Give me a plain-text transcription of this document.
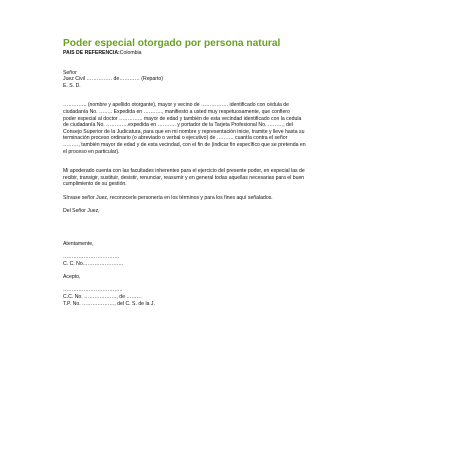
Poder especial otorgado por persona natural
PAIS DE REFERENCIA:Colombia
Señor
Juez Civil …………… de………… (Reparto)
E. S. D.
………….. (nombre y apellido otorgante), mayor y vecino de ……………. identificado con cédula de
ciudadanía No. …….. Expedida en ……….., manifiesto a usted muy respetuosamente, que confiero
poder especial al doctor ………….. mayor de edad y también de esta vecindad identificado con la cedula
de ciudadanía No. ………….expedida en ……….. y portador de la Tarjeta Profesional No. ………, del
Consejo Superior de la Judicatura, para que en mi nombre y representación inicie, tramite y lleve hasta su
terminación proceso ordinario (o abreviado o verbal o ejecutivo) de ………. cuantía contra el señor
………, también mayor de edad y de esta vecindad, con el fin de (indicar fin específico que se pretenda en
el proceso en particular).
Mi apoderado cuenta con las facultades inherentes para el ejercicio del presente poder, en especial las de
recibir, transigir, sustituir, desistir, renunciar, reasumir y en general todas aquellas necesarias para el buen
cumplimiento de su gestión.
Sírvase señor Juez, reconocerle personería en los términos y para los fines aquí señalados.
Del Señor Juez,
Atentamente,
……………………………
C. C. No.…………………..
Acepto,
……………………………..
C.C. No. ………………., de ………
T.P. No. ………………., del C. S. de la J.
